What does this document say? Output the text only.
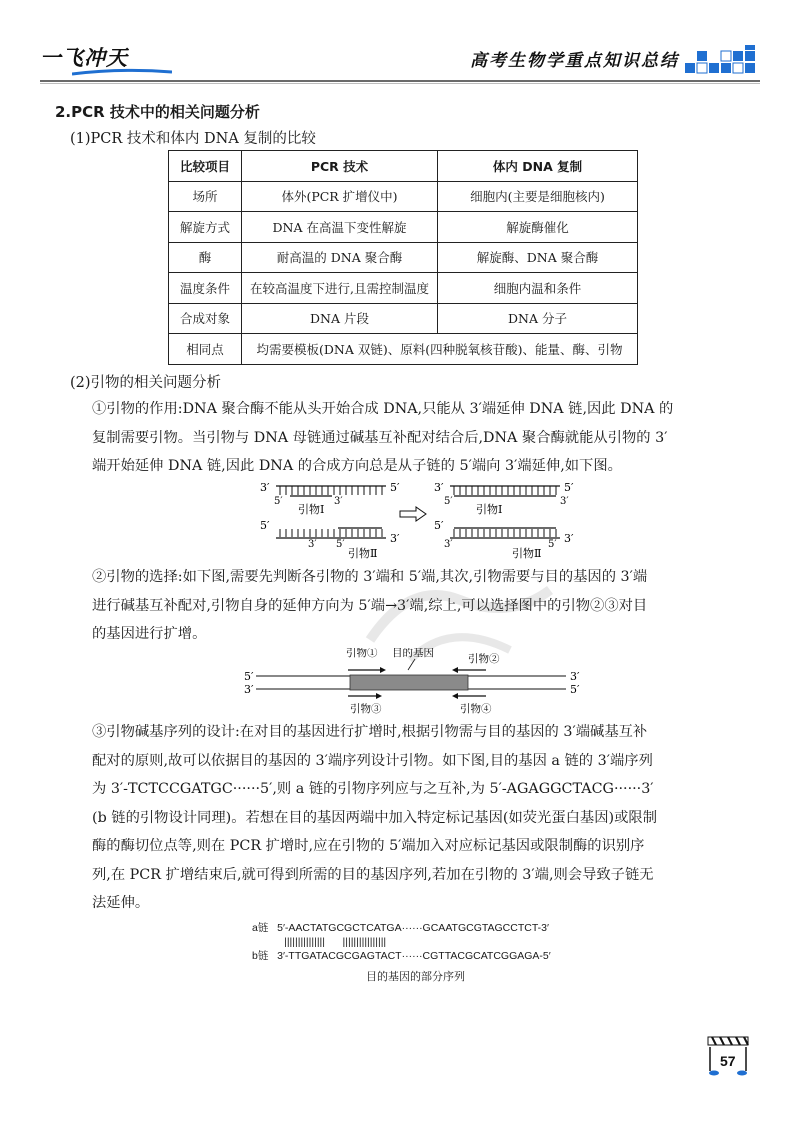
一飞冲天	高考生物学重点知识总结
2.PCR 技术中的相关问题分析
(1)PCR 技术和体内 DNA 复制的比较
比较项目	PCR 技术	体内 DNA 复制
场所	体外(PCR 扩增仪中)	细胞内(主要是细胞核内)
解旋方式	DNA 在高温下变性解旋	解旋酶催化
酶	耐高温的 DNA 聚合酶	解旋酶、DNA 聚合酶
温度条件	在较高温度下进行,且需控制温度	细胞内温和条件
合成对象	DNA 片段	DNA 分子
相同点	均需要模板(DNA 双链)、原料(四种脱氧核苷酸)、能量、酶、引物	
(2)引物的相关问题分析
①引物的作用:DNA 聚合酶不能从头开始合成 DNA,只能从 3′端延伸 DNA 链,因此 DNA 的
复制需要引物。当引物与 DNA 母链通过碱基互补配对结合后,DNA 聚合酶就能从引物的 3′
端开始延伸 DNA 链,因此 DNA 的合成方向总是从子链的 5′端向 3′端延伸,如下图。
3′	5′
5′	3′
引物Ⅰ
5′
3′
3′ 5′
引物Ⅱ
3′	5′
5′	3′
引物Ⅰ
5′
3′
3′	5′
引物Ⅱ
②引物的选择:如下图,需要先判断各引物的 3′端和 5′端,其次,引物需要与目的基因的 3′端
进行碱基互补配对,引物自身的延伸方向为 5′端→3′端,综上,可以选择图中的引物②③对目
的基因进行扩增。
引物① 目的基因	引物②
5′	3′
3′	5′
引物③	引物④
③引物碱基序列的设计:在对目的基因进行扩增时,根据引物需与目的基因的 3′端碱基互补
配对的原则,故可以依据目的基因的 3′端序列设计引物。如下图,目的基因 a 链的 3′端序列
为 3′-TCTCCGATGC······5′,则 a 链的引物序列应与之互补,为 5′-AGAGGCTACG······3′
(b 链的引物设计同理)。若想在目的基因两端中加入特定标记基因(如荧光蛋白基因)或限制
酶的酶切位点等,则在 PCR 扩增时,应在引物的 5′端加入对应标记基因或限制酶的识别序
列,在 PCR 扩增结束后,就可得到所需的目的基因序列,若加在引物的 3′端,则会导致子链无
法延伸。
a链 5′-AACTATGCGCTCATGA······GCAATGCGTAGCCTCT-3′
|||||||||||||||      ||||||||||||||||
b链 3′-TTGATACGCGAGTACT······CGTTACGCATCGGAGA-5′
目的基因的部分序列
57
